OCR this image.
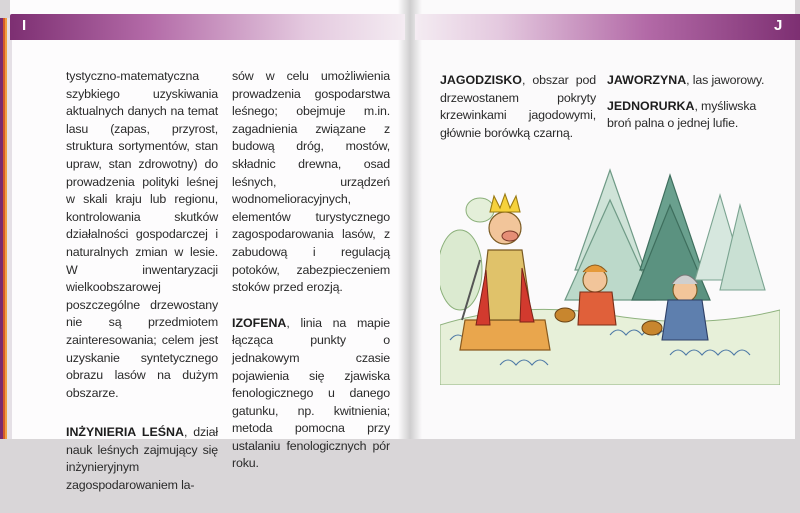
I	J

tystyczno-matematyczna szybkiego uzyskiwania aktualnych danych na temat lasu (zapas, przyrost, struktura sortymentów, stan upraw, stan zdrowotny) do prowadzenia polityki leśnej w skali kraju lub regionu, kontrolowania skutków działalności gospodarczej i naturalnych zmian w lesie. W inwentaryzacji wielkoobszarowej poszczególne drzewostany nie są przedmiotem zainteresowania; celem jest uzyskanie syntetycznego obrazu lasów na dużym obszarze.

INŻYNIERIA LEŚNA, dział nauk leśnych zajmujący się inżynieryjnym zagospodarowaniem la-

sów w celu umożliwienia prowadzenia gospodarstwa leśnego; obejmuje m.in. zagadnienia związane z budową dróg, mostów, składnic drewna, osad leśnych, urządzeń wodnomelioracyjnych, elementów turystycznego zagospodarowania lasów, z zabudową i regulacją potoków, zabezpieczeniem stoków przed erozją.

IZOFENA, linia na mapie łącząca punkty o jednakowym czasie pojawienia się zjawiska fenologicznego u danego gatunku, np. kwitnienia; metoda pomocna przy ustalaniu fenologicznych pór roku.

JAGODZISKO, obszar pod drzewostanem pokryty krzewinkami jagodowymi, głównie borówką czarną.

JAWORZYNA, las jaworowy.

JEDNORURKA, myśliwska broń palna o jednej lufie.
